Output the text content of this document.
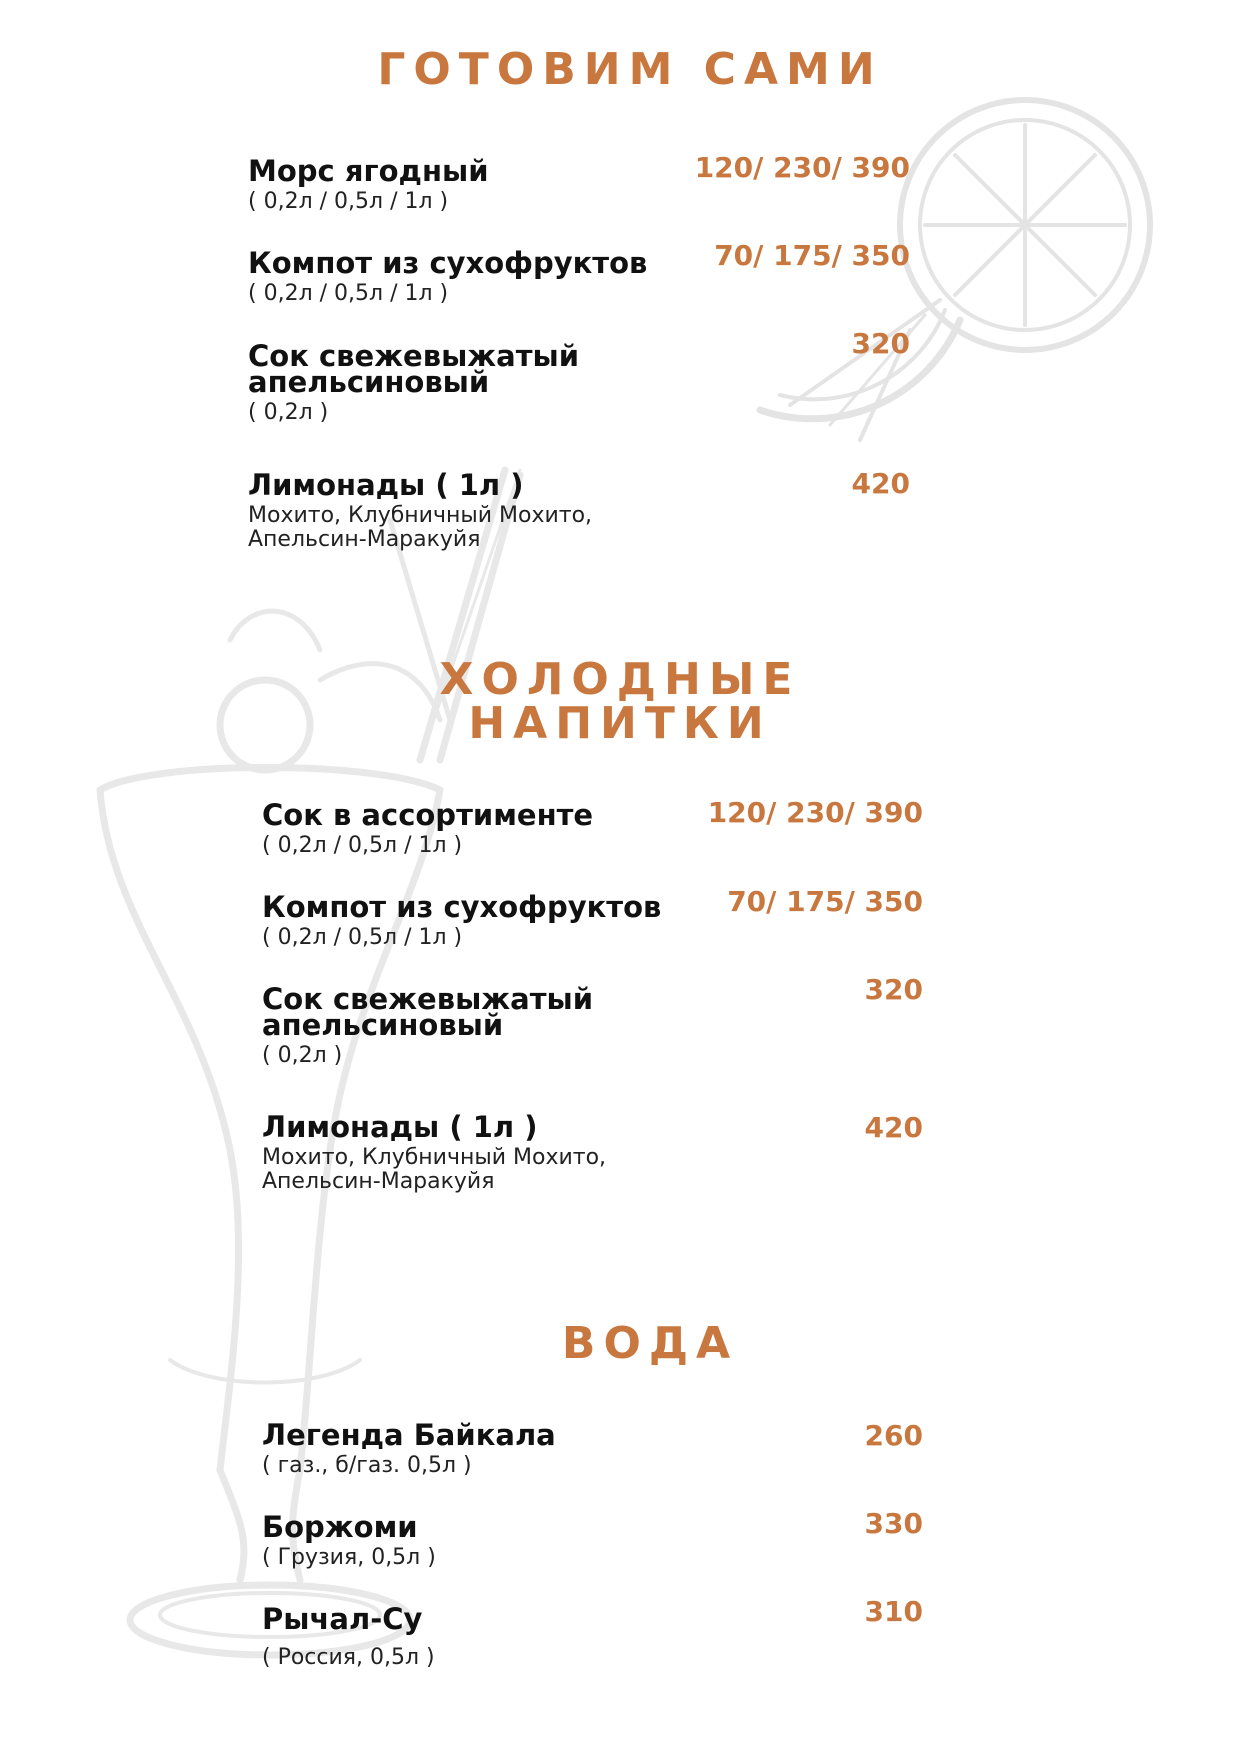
ГОТОВИМ САМИ
Морс ягодный
( 0,2л / 0,5л / 1л )
120/ 230/ 390
Компот из сухофруктов
( 0,2л / 0,5л / 1л )
70/ 175/ 350
Сок свежевыжатый апельсиновый
( 0,2л )
320
Лимонады ( 1л )
Мохито, Клубничный Мохито, Апельсин-Маракуйя
420
ХОЛОДНЫЕ
НАПИТКИ
Сок в ассортименте
( 0,2л / 0,5л / 1л )
120/ 230/ 390
Компот из сухофруктов
( 0,2л / 0,5л / 1л )
70/ 175/ 350
Сок свежевыжатый апельсиновый
( 0,2л )
320
Лимонады ( 1л )
Мохито, Клубничный Мохито, Апельсин-Маракуйя
420
ВОДА
Легенда Байкала
( газ., б/газ. 0,5л )
260
Боржоми
( Грузия, 0,5л )
330
Рычал-Су
( Россия, 0,5л )
310
